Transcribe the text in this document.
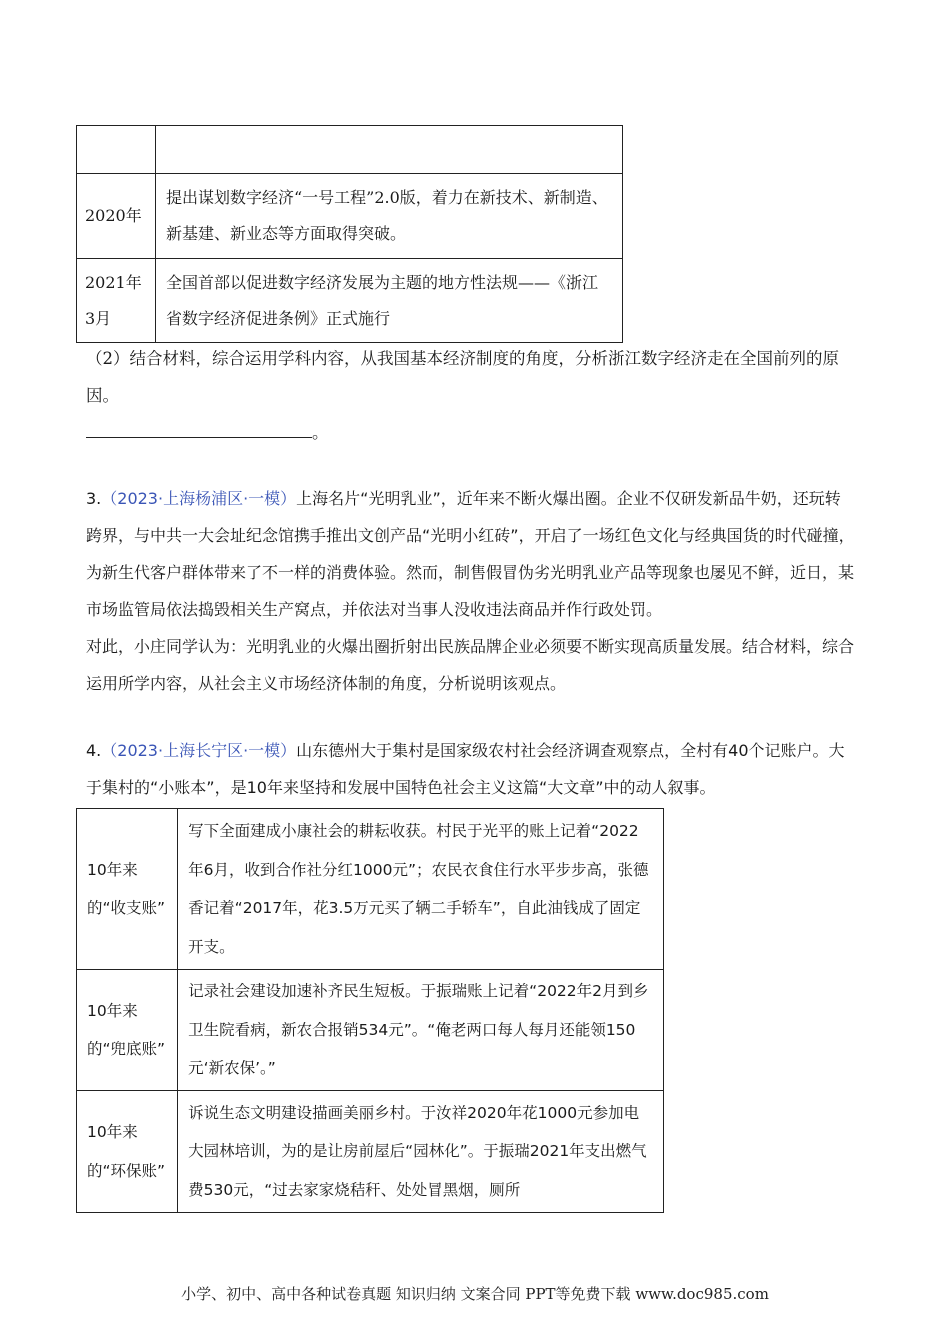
2020年	提出谋划数字经济“一号工程”2.0版，着力在新技术、新制造、新基建、新业态等方面取得突破。

2021年3月	全国首部以促进数字经济发展为主题的地方性法规——《浙江省数字经济促进条例》正式施行
（2）结合材料，综合运用学科内容，从我国基本经济制度的角度，分析浙江数字经济走在全国前列的原因。
。
3.（2023·上海杨浦区·一模）上海名片“光明乳业”，近年来不断火爆出圈。企业不仅研发新品牛奶，还玩转跨界，与中共一大会址纪念馆携手推出文创产品“光明小红砖”，开启了一场红色文化与经典国货的时代碰撞，为新生代客户群体带来了不一样的消费体验。然而，制售假冒伪劣光明乳业产品等现象也屡见不鲜，近日，某市场监管局依法捣毁相关生产窝点，并依法对当事人没收违法商品并作行政处罚。
对此，小庄同学认为：光明乳业的火爆出圈折射出民族品牌企业必须要不断实现高质量发展。结合材料，综合运用所学内容，从社会主义市场经济体制的角度，分析说明该观点。
4.（2023·上海长宁区·一模）山东德州大于集村是国家级农村社会经济调查观察点，全村有40个记账户。大于集村的“小账本”，是10年来坚持和发展中国特色社会主义这篇“大文章”中的动人叙事。
10年来的“收支账”	写下全面建成小康社会的耕耘收获。村民于光平的账上记着“2022年6月，收到合作社分红1000元”；农民衣食住行水平步步高，张德香记着“2017年，花3.5万元买了辆二手轿车”，自此油钱成了固定开支。

10年来的“兜底账”	记录社会建设加速补齐民生短板。于振瑞账上记着“2022年2月到乡卫生院看病，新农合报销534元”。“俺老两口每人每月还能领150元‘新农保’。”

10年来的“环保账”	诉说生态文明建设描画美丽乡村。于汝祥2020年花1000元参加电大园林培训，为的是让房前屋后“园林化”。于振瑞2021年支出燃气费530元，“过去家家烧秸秆、处处冒黑烟，厕所
小学、初中、高中各种试卷真题 知识归纳 文案合同 PPT等免费下载 www.doc985.com
